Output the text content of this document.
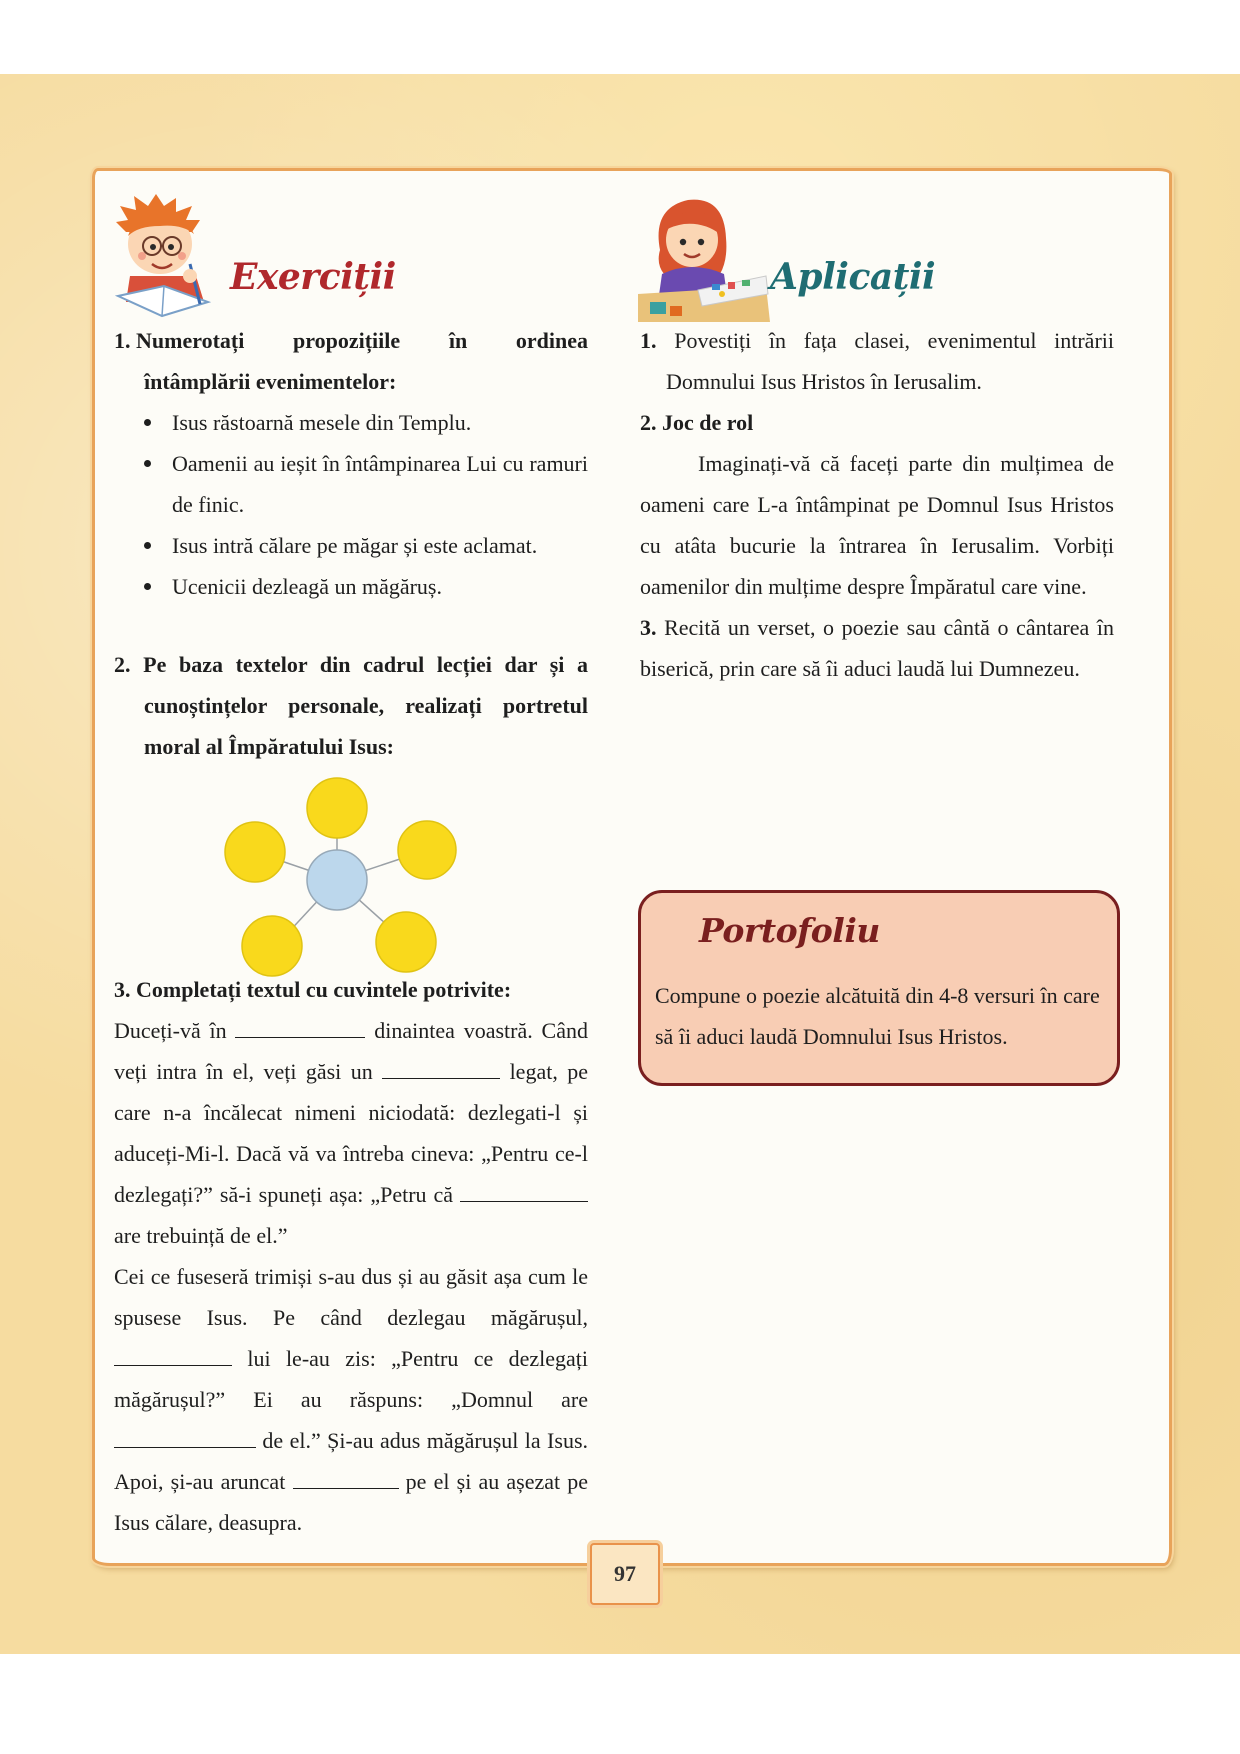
Exerciții
1. Numerotați propozițiile în ordinea
întâmplării evenimentelor:
Isus răstoarnă mesele din Templu.
Oamenii au ieșit în întâmpinarea Lui cu ramuri de finic.
Isus intră călare pe măgar și este aclamat.
Ucenicii dezleagă un măgăruș.
2. Pe baza textelor din cadrul lecției dar și a cunoștințelor personale, realizați portretul moral al Împăratului Isus:
3. Completați textul cu cuvintele potrivite:
Duceți-vă în	dinaintea voastră. Când veți intra în el, veți găsi un	legat, pe care n-a încălecat nimeni niciodată: dezlegati-l și aduceți-Mi-l. Dacă vă va întreba cineva: „Pentru ce-l dezlegați?” să-i spuneți așa: „Petru că  are trebuință de el.”
Cei ce fuseseră trimiși s-au dus și au găsit așa cum le spusese Isus. Pe când dezlegau măgărușul,  lui le-au zis: „Pentru ce dezlegați măgărușul?” Ei au răspuns: „Domnul are  de el.” Și-au adus măgărușul la Isus. Apoi, și-au aruncat	pe el și au așezat pe Isus călare, deasupra.
Aplicații
1. Povestiți în fața clasei, evenimentul intrării Domnului Isus Hristos în Ierusalim.
2. Joc de rol
Imaginați-vă că faceți parte din mulțimea de oameni care L-a întâmpinat pe Domnul Isus Hristos cu atâta bucurie la întrarea în Ierusalim. Vorbiți oamenilor din mulțime despre Împăratul care vine.
3. Recită un verset, o poezie sau cântă o cântarea în biserică, prin care să îi aduci laudă lui Dumnezeu.
Portofoliu
Compune o poezie alcătuită din 4-8 versuri în care să îi aduci laudă Domnului Isus Hristos.
97
